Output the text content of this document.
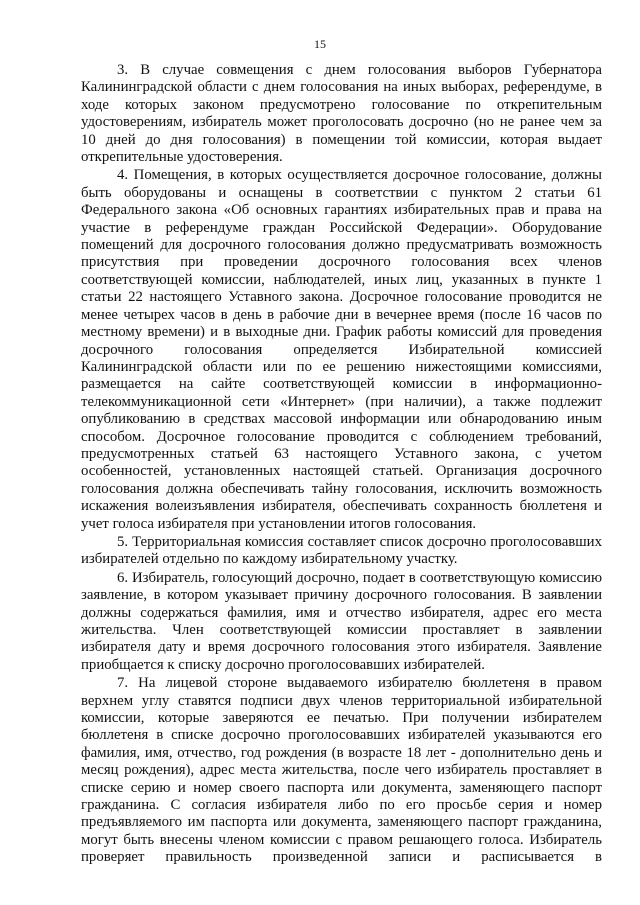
15

3. В случае совмещения с днем голосования выборов Губернатора Калининградской области с днем голосования на иных выборах, референдуме, в ходе которых законом предусмотрено голосование по открепительным удостоверениям, избиратель может проголосовать досрочно (но не ранее чем за 10 дней до дня голосования) в помещении той комиссии, которая выдает открепительные удостоверения.

4. Помещения, в которых осуществляется досрочное голосование, должны быть оборудованы и оснащены в соответствии с пунктом 2 статьи 61 Федерального закона «Об основных гарантиях избирательных прав и права на участие в референдуме граждан Российской Федерации». Оборудование помещений для досрочного голосования должно предусматривать возможность присутствия при проведении досрочного голосования всех членов соответствующей комиссии, наблюдателей, иных лиц, указанных в пункте 1 статьи 22 настоящего Уставного закона. Досрочное голосование проводится не менее четырех часов в день в рабочие дни в вечернее время (после 16 часов по местному времени) и в выходные дни. График работы комиссий для проведения досрочного голосования определяется Избирательной комиссией Калининградской области или по ее решению нижестоящими комиссиями, размещается на сайте соответствующей комиссии в информационно-телекоммуникационной сети «Интернет» (при наличии), а также подлежит опубликованию в средствах массовой информации или обнародованию иным способом. Досрочное голосование проводится с соблюдением требований, предусмотренных статьей 63 настоящего Уставного закона, с учетом особенностей, установленных настоящей статьей. Организация досрочного голосования должна обеспечивать тайну голосования, исключить возможность искажения волеизъявления избирателя, обеспечивать сохранность бюллетеня и учет голоса избирателя при установлении итогов голосования.

5. Территориальная комиссия составляет список досрочно проголосовавших избирателей отдельно по каждому избирательному участку.

6. Избиратель, голосующий досрочно, подает в соответствующую комиссию заявление, в котором указывает причину досрочного голосования. В заявлении должны содержаться фамилия, имя и отчество избирателя, адрес его места жительства. Член соответствующей комиссии проставляет в заявлении избирателя дату и время досрочного голосования этого избирателя. Заявление приобщается к списку досрочно проголосовавших избирателей.

7. На лицевой стороне выдаваемого избирателю бюллетеня в правом верхнем углу ставятся подписи двух членов территориальной избирательной комиссии, которые заверяются ее печатью. При получении избирателем бюллетеня в списке досрочно проголосовавших избирателей указываются его фамилия, имя, отчество, год рождения (в возрасте 18 лет - дополнительно день и месяц рождения), адрес места жительства, после чего избиратель проставляет в списке серию и номер своего паспорта или документа, заменяющего паспорт гражданина. С согласия избирателя либо по его просьбе серия и номер предъявляемого им паспорта или документа, заменяющего паспорт гражданина, могут быть внесены членом комиссии с правом решающего голоса. Избиратель проверяет правильность произведенной записи и расписывается в
